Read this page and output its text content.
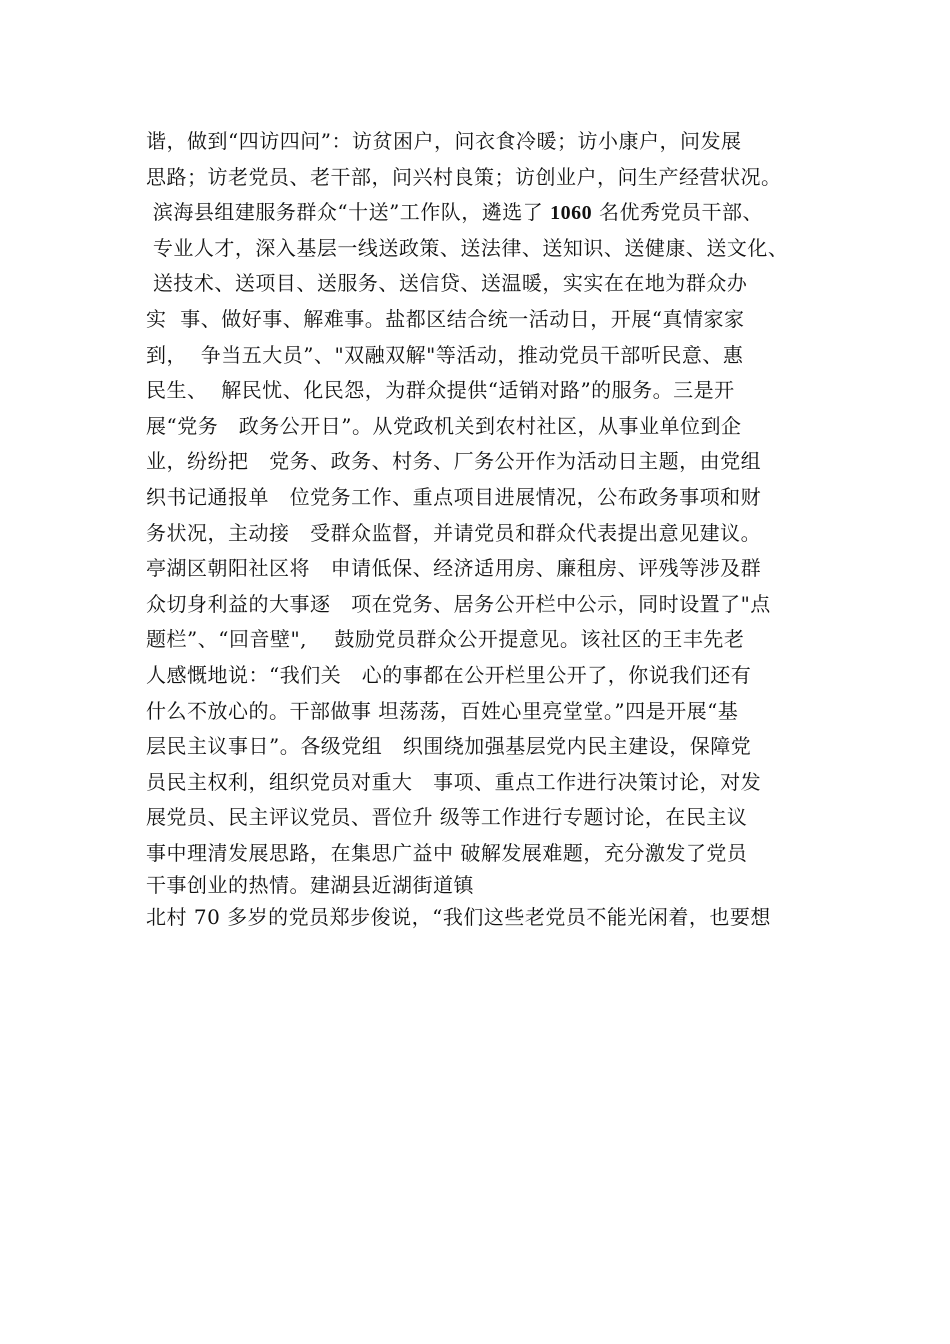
谐，做到“四访四问”：访贫困户，问衣食冷暖；访小康户，问发展
思路；访老党员、老干部，问兴村良策；访创业户，问生产经营状况。
滨海县组建服务群众“十送”工作队，遴选了 1060 名优秀党员干部、
专业人才，深入基层一线送政策、送法律、送知识、送健康、送文化、
送技术、送项目、送服务、送信贷、送温暖，实实在在地为群众办
实  事、做好事、解难事。盐都区结合统一活动日，开展“真情家家
到，  争当五大员”、"双融双解"等活动，推动党员干部听民意、惠
民生、  解民忧、化民怨，为群众提供“适销对路”的服务。三是开
展“党务   政务公开日”。从党政机关到农村社区，从事业单位到企
业，纷纷把   党务、政务、村务、厂务公开作为活动日主题，由党组
织书记通报单   位党务工作、重点项目进展情况，公布政务事项和财
务状况，主动接   受群众监督，并请党员和群众代表提出意见建议。
亭湖区朝阳社区将   申请低保、经济适用房、廉租房、评残等涉及群
众切身利益的大事逐   项在党务、居务公开栏中公示，同时设置了"点
题栏”、“回音壁",    鼓励党员群众公开提意见。该社区的王丰先老
人感慨地说：“我们关   心的事都在公开栏里公开了，你说我们还有
什么不放心的。干部做事 坦荡荡，百姓心里亮堂堂。”四是开展“基
层民主议事日”。各级党组   织围绕加强基层党内民主建设，保障党
员民主权利，组织党员对重大   事项、重点工作进行决策讨论，对发
展党员、民主评议党员、晋位升 级等工作进行专题讨论，在民主议
事中理清发展思路，在集思广益中 破解发展难题，充分激发了党员
干事创业的热情。建湖县近湖街道镇
北村 70 多岁的党员郑步俊说，“我们这些老党员不能光闲着，也要想
